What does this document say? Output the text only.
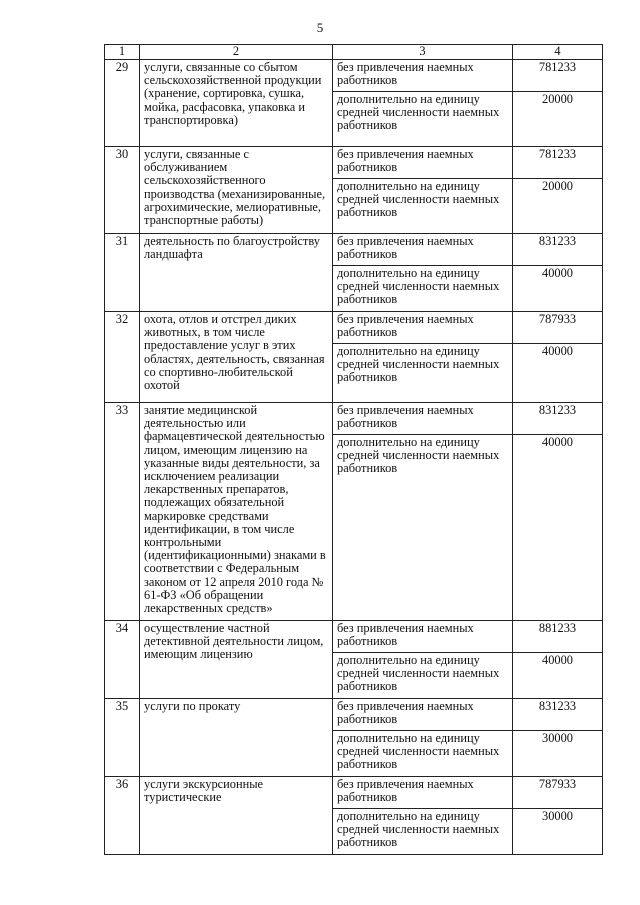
5
1	2	3	4
29	услуги, связанные со сбытом сельскохозяйственной продукции (хранение, сортировка, сушка, мойка, расфасовка, упаковка и транспортировка)	без привлечения наемных работников	781233
		дополнительно на единицу средней численности наемных работников	20000
30	услуги, связанные с обслуживанием сельскохозяйственного производства (механизированные, агрохимические, мелиоративные, транспортные работы)	без привлечения наемных работников	781233
		дополнительно на единицу средней численности наемных работников	20000
31	деятельность по благоустройству ландшафта	без привлечения наемных работников	831233
		дополнительно на единицу средней численности наемных работников	40000
32	охота, отлов и отстрел диких животных, в том числе предоставление услуг в этих областях, деятельность, связанная со спортивно-любительской охотой	без привлечения наемных работников	787933
		дополнительно на единицу средней численности наемных работников	40000
33	занятие медицинской деятельностью или фармацевтической деятельностью лицом, имеющим лицензию на указанные виды деятельности, за исключением реализации лекарственных препаратов, подлежащих обязательной маркировке средствами идентификации, в том числе контрольными (идентификационными) знаками в соответствии с Федеральным законом от 12 апреля 2010 года № 61-ФЗ «Об обращении лекарственных средств»	без привлечения наемных работников	831233
		дополнительно на единицу средней численности наемных работников	40000
34	осуществление частной детективной деятельности лицом, имеющим лицензию	без привлечения наемных работников	881233
		дополнительно на единицу средней численности наемных работников	40000
35	услуги по прокату	без привлечения наемных работников	831233
		дополнительно на единицу средней численности наемных работников	30000
36	услуги экскурсионные туристические	без привлечения наемных работников	787933
		дополнительно на единицу средней численности наемных работников	30000
